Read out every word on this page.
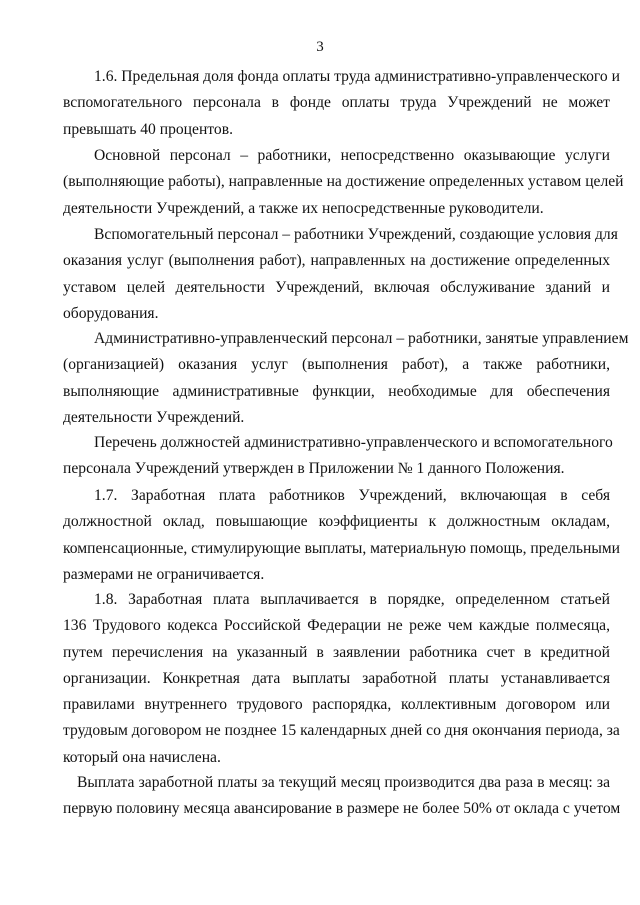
3
1.6. Предельная доля фонда оплаты труда административно-управленческого и
вспомогательного персонала в фонде оплаты труда Учреждений не может
превышать 40 процентов.
Основной персонал – работники, непосредственно оказывающие услуги
(выполняющие работы), направленные на достижение определенных уставом целей
деятельности Учреждений, а также их непосредственные руководители.
Вспомогательный персонал – работники Учреждений, создающие условия для
оказания услуг (выполнения работ), направленных на достижение определенных
уставом целей деятельности Учреждений, включая обслуживание зданий и
оборудования.
Административно-управленческий персонал – работники, занятые управлением
(организацией) оказания услуг (выполнения работ), а также работники,
выполняющие административные функции, необходимые для обеспечения
деятельности Учреждений.
Перечень должностей административно-управленческого и вспомогательного
персонала Учреждений утвержден в Приложении № 1 данного Положения.
1.7. Заработная плата работников Учреждений, включающая в себя
должностной оклад, повышающие коэффициенты к должностным окладам,
компенсационные, стимулирующие выплаты, материальную помощь, предельными
размерами не ограничивается.
1.8. Заработная плата выплачивается в порядке, определенном статьей
136 Трудового кодекса Российской Федерации не реже чем каждые полмесяца,
путем перечисления на указанный в заявлении работника счет в кредитной
организации. Конкретная дата выплаты заработной платы устанавливается
правилами внутреннего трудового распорядка, коллективным договором или
трудовым договором не позднее 15 календарных дней со дня окончания периода, за
который она начислена.
Выплата заработной платы за текущий месяц производится два раза в месяц: за
первую половину месяца авансирование в размере не более 50% от оклада с учетом
